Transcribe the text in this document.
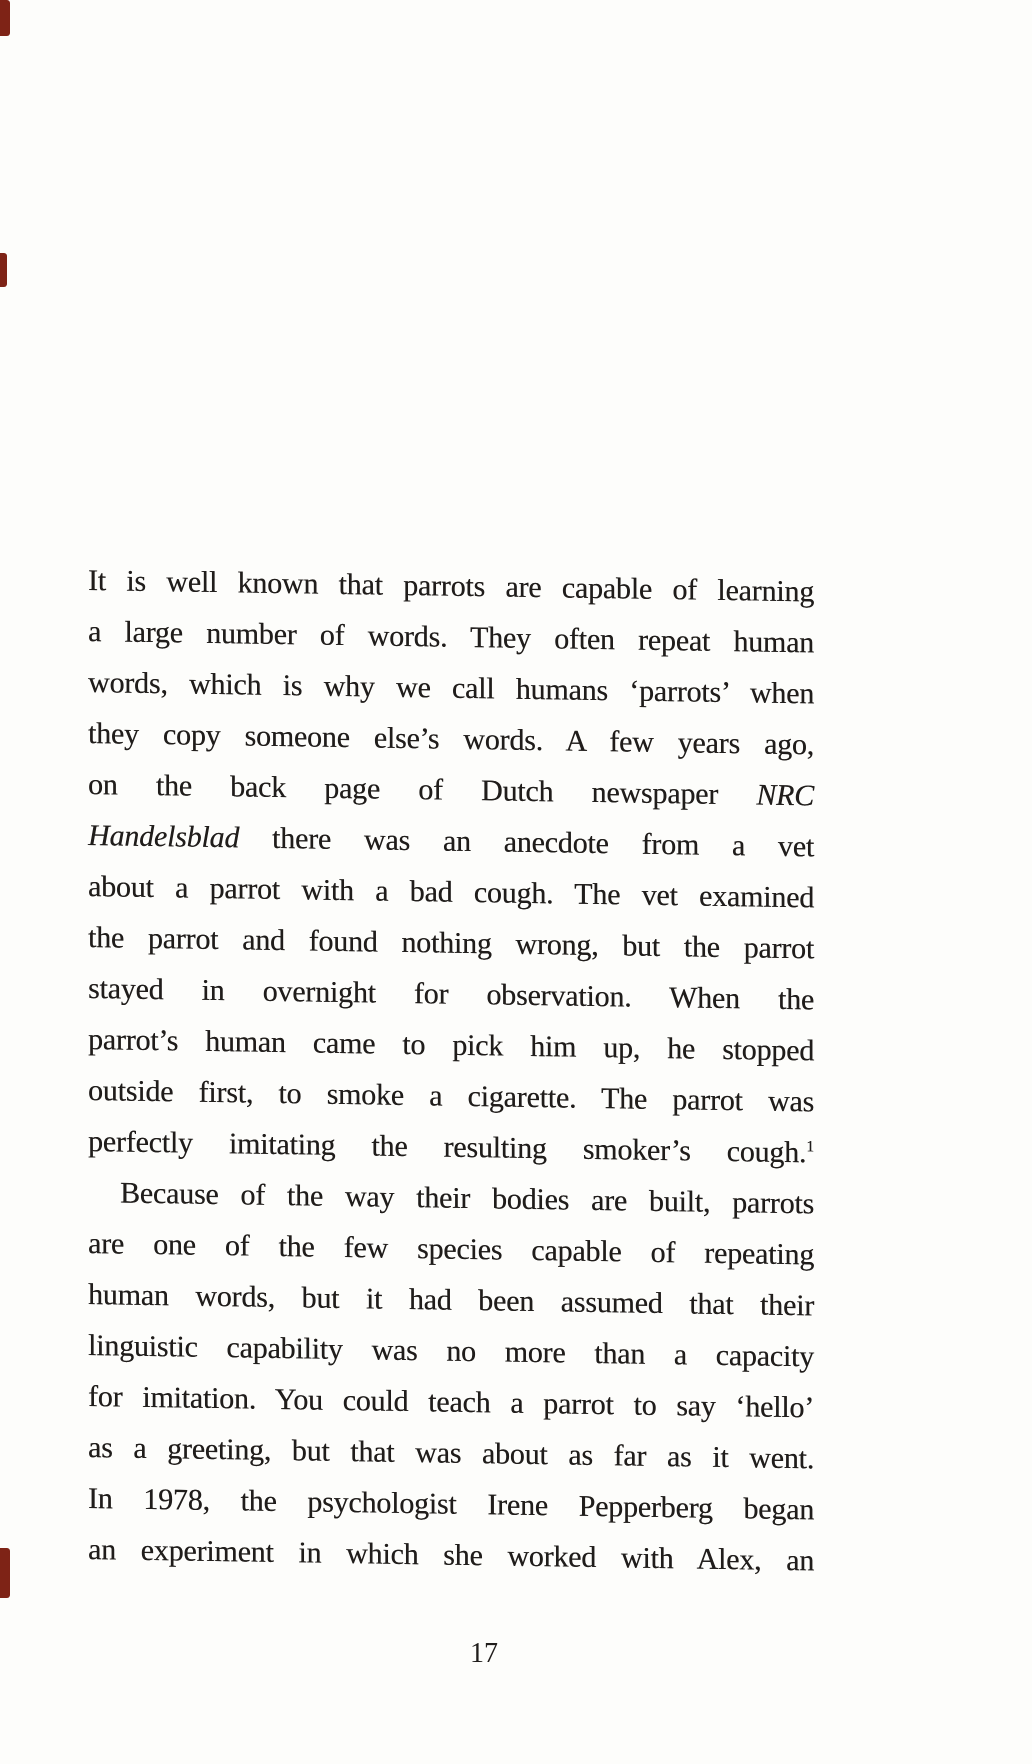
It is well known that parrots are capable of learning
a large number of words. They often repeat human
words, which is why we call humans ‘parrots’ when
they copy someone else’s words. A few years ago,
on the back page of Dutch newspaper NRC
Handelsblad there was an anecdote from a vet
about a parrot with a bad cough. The vet examined
the parrot and found nothing wrong, but the parrot
stayed in overnight for observation. When the
parrot’s human came to pick him up, he stopped
outside first, to smoke a cigarette. The parrot was
perfectly imitating the resulting smoker’s cough.$^1$
Because of the way their bodies are built, parrots
are one of the few species capable of repeating
human words, but it had been assumed that their
linguistic capability was no more than a capacity
for imitation. You could teach a parrot to say ‘hello’
as a greeting, but that was about as far as it went.
In 1978, the psychologist Irene Pepperberg began
an experiment in which she worked with Alex, an
17
